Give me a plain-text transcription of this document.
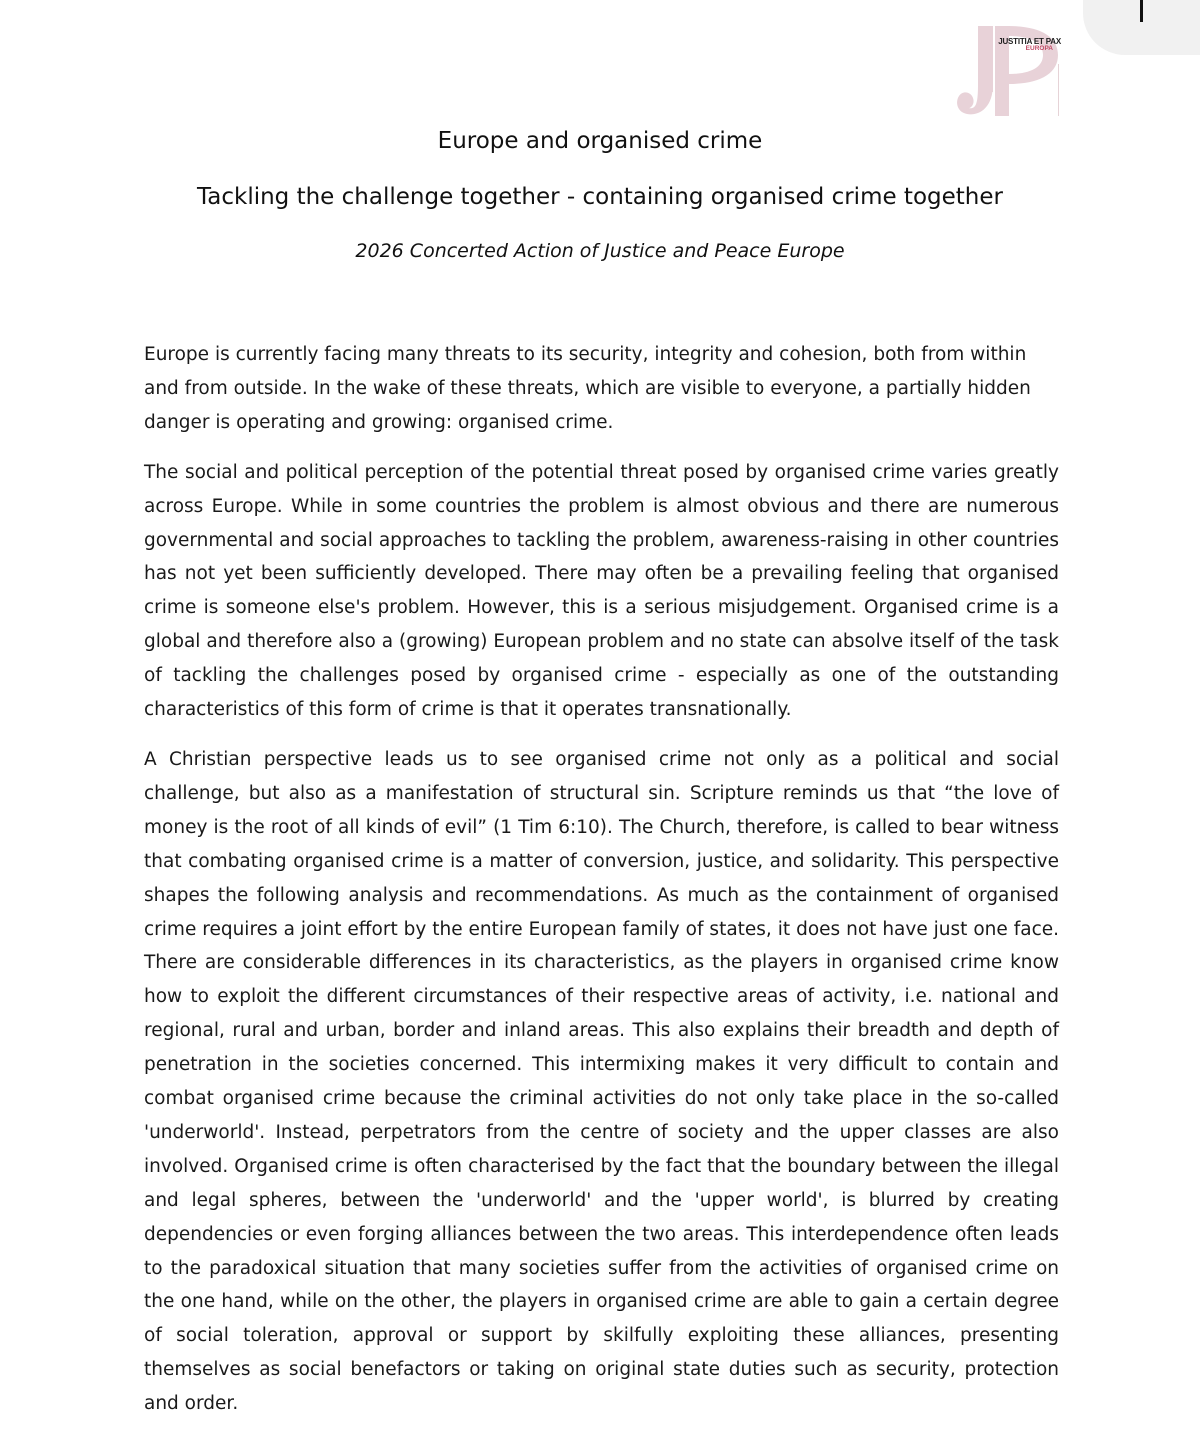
JUSTITIA ET PAX
EUROPA
Europe and organised crime
Tackling the challenge together - containing organised crime together
2026 Concerted Action of Justice and Peace Europe

Europe is currently facing many threats to its security, integrity and cohesion, both from within and from outside. In the wake of these threats, which are visible to everyone, a partially hidden danger is operating and growing: organised crime.

The social and political perception of the potential threat posed by organised crime varies greatly across Europe. While in some countries the problem is almost obvious and there are numerous governmental and social approaches to tackling the problem, awareness-raising in other countries has not yet been sufficiently developed. There may often be a prevailing feeling that organised crime is someone else's problem. However, this is a serious misjudgement. Organised crime is a global and therefore also a (growing) European problem and no state can absolve itself of the task of tackling the challenges posed by organised crime - especially as one of the outstanding characteristics of this form of crime is that it operates transnationally.

A Christian perspective leads us to see organised crime not only as a political and social challenge, but also as a manifestation of structural sin. Scripture reminds us that “the love of money is the root of all kinds of evil” (1 Tim 6:10). The Church, therefore, is called to bear witness that combating organised crime is a matter of conversion, justice, and solidarity. This perspective shapes the following analysis and recommendations. As much as the containment of organised crime requires a joint effort by the entire European family of states, it does not have just one face. There are considerable differences in its characteristics, as the players in organised crime know how to exploit the different circumstances of their respective areas of activity, i.e. national and regional, rural and urban, border and inland areas. This also explains their breadth and depth of penetration in the societies concerned. This intermixing makes it very difficult to contain and combat organised crime because the criminal activities do not only take place in the so-called 'underworld'. Instead, perpetrators from the centre of society and the upper classes are also involved. Organised crime is often characterised by the fact that the boundary between the illegal and legal spheres, between the 'underworld' and the 'upper world', is blurred by creating dependencies or even forging alliances between the two areas. This interdependence often leads to the paradoxical situation that many societies suffer from the activities of organised crime on the one hand, while on the other, the players in organised crime are able to gain a certain degree of social toleration, approval or support by skilfully exploiting these alliances, presenting themselves as social benefactors or taking on original state duties such as security, protection and order.
